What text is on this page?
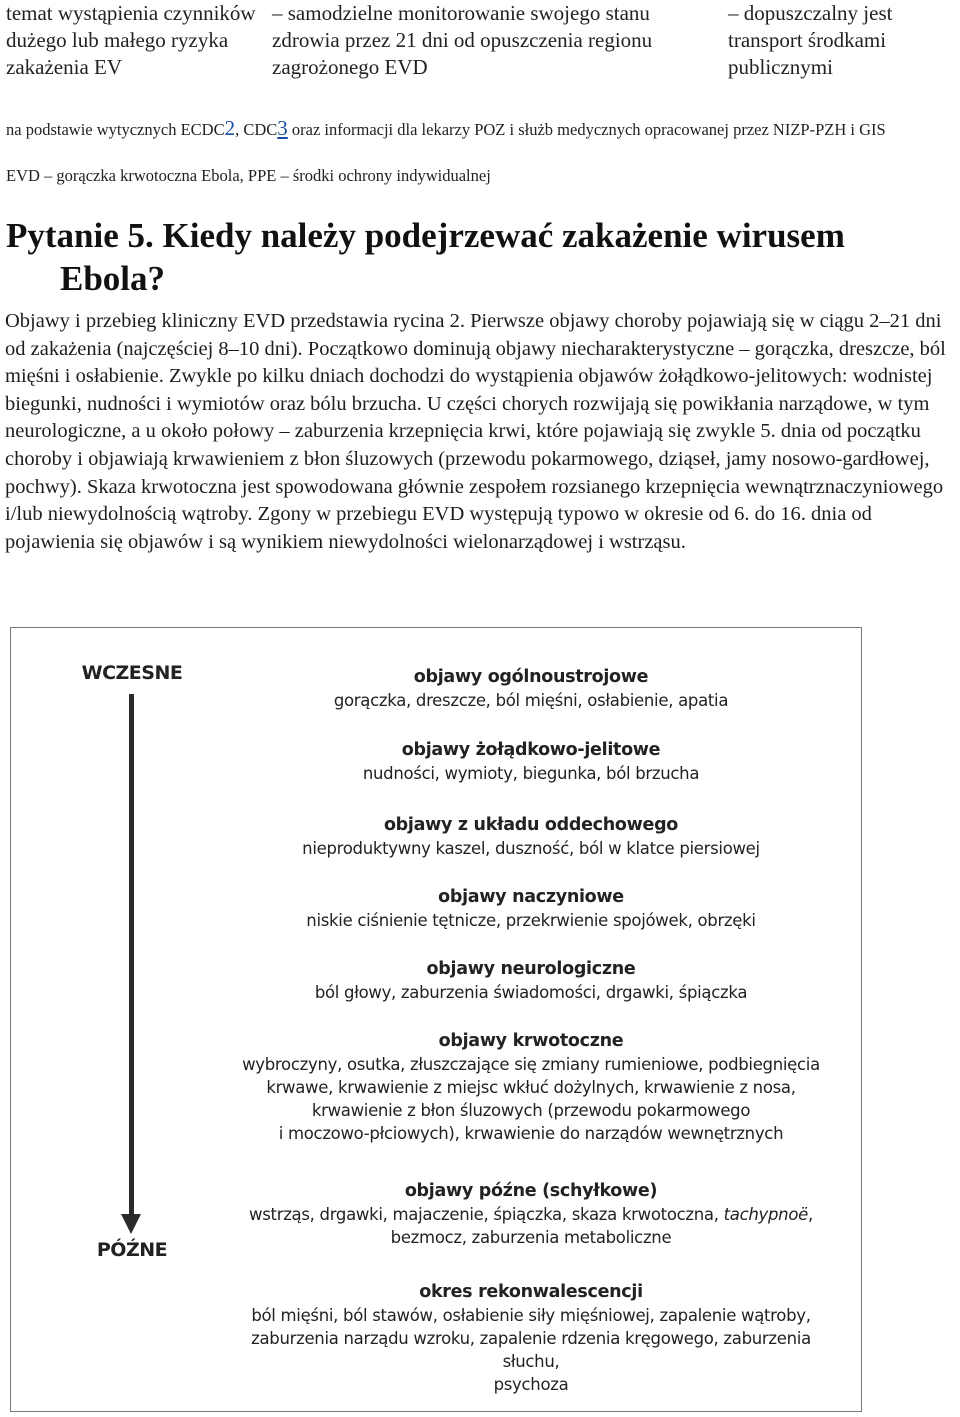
temat wystąpienia czynników dużego lub małego ryzyka zakażenia EV
– samodzielne monitorowanie swojego stanu zdrowia przez 21 dni od opuszczenia regionu zagrożonego EVD
– dopuszczalny jest transport środkami publicznymi
na podstawie wytycznych ECDC2, CDC3 oraz informacji dla lekarzy POZ i służb medycznych opracowanej przez NIZP-PZH i GIS
EVD – gorączka krwotoczna Ebola, PPE – środki ochrony indywidualnej
Pytanie 5. Kiedy należy podejrzewać zakażenie wirusem
Ebola?
Objawy i przebieg kliniczny EVD przedstawia rycina 2. Pierwsze objawy choroby pojawiają się w ciągu 2–21 dni od zakażenia (najczęściej 8–10 dni). Początkowo dominują objawy niecharakterystyczne – gorączka, dreszcze, ból mięśni i osłabienie. Zwykle po kilku dniach dochodzi do wystąpienia objawów żołądkowo-jelitowych: wodnistej biegunki, nudności i wymiotów oraz bólu brzucha. U części chorych rozwijają się powikłania narządowe, w tym neurologiczne, a u około połowy – zaburzenia krzepnięcia krwi, które pojawiają się zwykle 5. dnia od początku choroby i objawiają krwawieniem z błon śluzowych (przewodu pokarmowego, dziąseł, jamy nosowo-gardłowej, pochwy). Skaza krwotoczna jest spowodowana głównie zespołem rozsianego krzepnięcia wewnątrznaczyniowego i/lub niewydolnością wątroby. Zgony w przebiegu EVD występują typowo w okresie od 6. do 16. dnia od pojawienia się objawów i są wynikiem niewydolności wielonarządowej i wstrząsu.
WCZESNE
PÓŹNE
objawy ogólnoustrojowe
gorączka, dreszcze, ból mięśni, osłabienie, apatia
objawy żołądkowo-jelitowe
nudności, wymioty, biegunka, ból brzucha
objawy z układu oddechowego
nieproduktywny kaszel, duszność, ból w klatce piersiowej
objawy naczyniowe
niskie ciśnienie tętnicze, przekrwienie spojówek, obrzęki
objawy neurologiczne
ból głowy, zaburzenia świadomości, drgawki, śpiączka
objawy krwotoczne
wybroczyny, osutka, złuszczające się zmiany rumieniowe, podbiegnięcia
krwawe, krwawienie z miejsc wkłuć dożylnych, krwawienie z nosa,
krwawienie z błon śluzowych (przewodu pokarmowego
i moczowo-płciowych), krwawienie do narządów wewnętrznych
objawy późne (schyłkowe)
wstrząs, drgawki, majaczenie, śpiączka, skaza krwotoczna, tachypnoë,
bezmocz, zaburzenia metaboliczne
okres rekonwalescencji
ból mięśni, ból stawów, osłabienie siły mięśniowej, zapalenie wątroby,
zaburzenia narządu wzroku, zapalenie rdzenia kręgowego, zaburzenia słuchu,
psychoza
